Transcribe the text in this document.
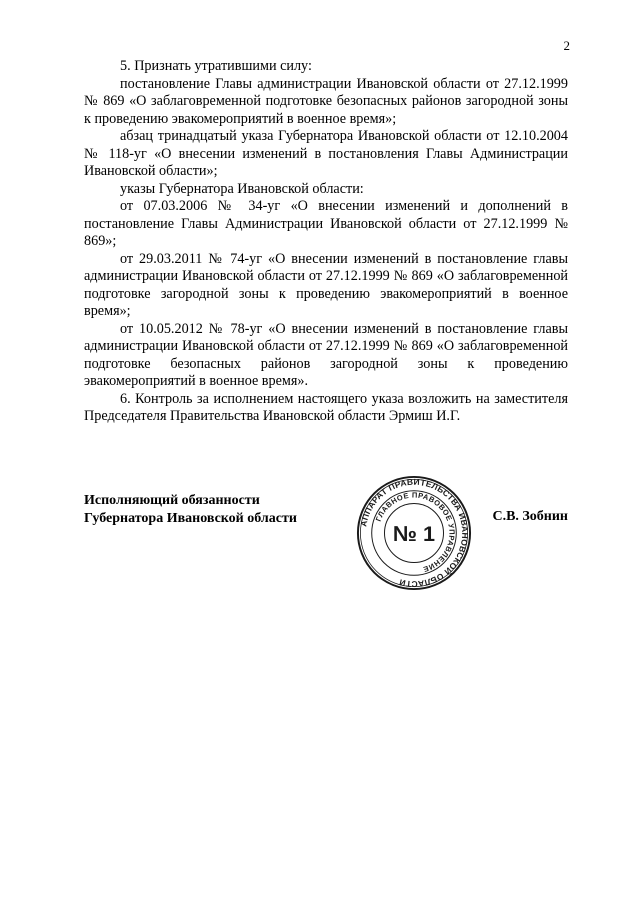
2

5. Признать утратившими силу:

постановление Главы администрации Ивановской области от 27.12.1999 № 869 «О заблаговременной подготовке безопасных районов загородной зоны к проведению эвакомероприятий в военное время»;

абзац тринадцатый указа Губернатора Ивановской области от 12.10.2004 № 118-уг «О внесении изменений в постановления Главы Администрации Ивановской области»;

указы Губернатора Ивановской области:

от 07.03.2006 № 34-уг «О внесении изменений и дополнений в постановление Главы Администрации Ивановской области от 27.12.1999 № 869»;

от 29.03.2011 № 74-уг «О внесении изменений в постановление главы администрации Ивановской области от 27.12.1999 № 869 «О заблаговременной подготовке загородной зоны к проведению эвакомероприятий в военное время»;

от 10.05.2012 № 78-уг «О внесении изменений в постановление главы администрации Ивановской области от 27.12.1999 № 869 «О заблаговременной подготовке безопасных районов загородной зоны к проведению эвакомероприятий в военное время».

6. Контроль за исполнением настоящего указа возложить на заместителя Председателя Правительства Ивановской области Эрмиш И.Г.

Исполняющий обязанности
Губернатора Ивановской области	АППАРАТ ПРАВИТЕЛЬСТВА ИВАНОВСКОЙ ОБЛАСТИ
ГЛАВНОЕ ПРАВОВОЕ УПРАВЛЕНИЕ
№ 1
С.В. Зобнин
